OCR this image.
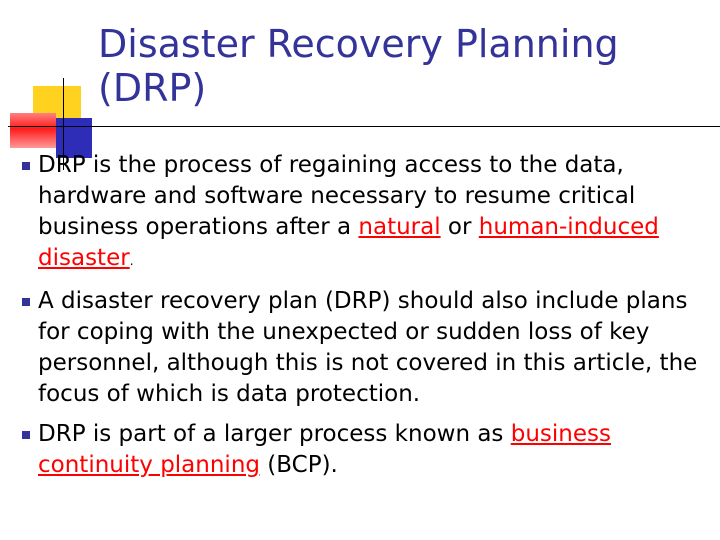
Disaster Recovery Planning (DRP)
DRP is the process of regaining access to the data, hardware and software necessary to resume critical business operations after a natural or human-induced disaster.
A disaster recovery plan (DRP) should also include plans for coping with the unexpected or sudden loss of key personnel, although this is not covered in this article, the focus of which is data protection.
DRP is part of a larger process known as business continuity planning (BCP).
